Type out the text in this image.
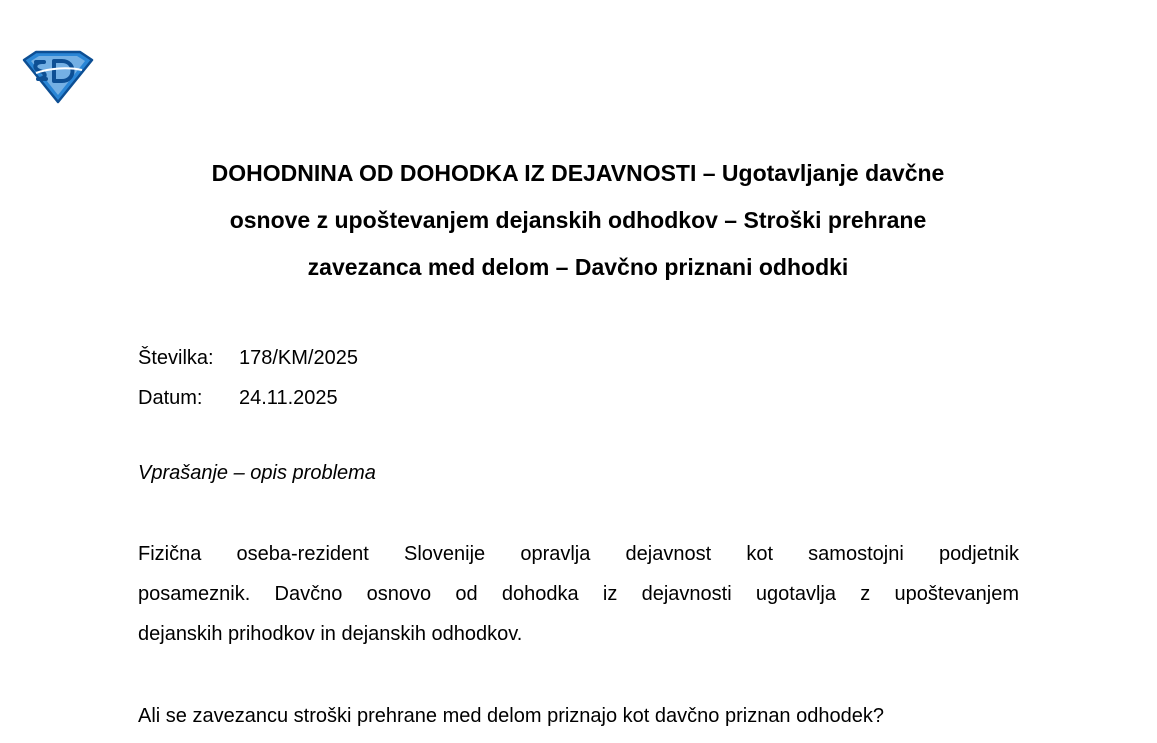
DOHODNINA OD DOHODKA IZ DEJAVNOSTI – Ugotavljanje davčne
osnove z upoštevanjem dejanskih odhodkov – Stroški prehrane
zavezanca med delom – Davčno priznani odhodki
Številka:	178/KM/2025
Datum:	24.11.2025
Vprašanje – opis problema
Fizična oseba-rezident Slovenije opravlja dejavnost kot samostojni podjetnik
posameznik. Davčno osnovo od dohodka iz dejavnosti ugotavlja z upoštevanjem
dejanskih prihodkov in dejanskih odhodkov.
Ali se zavezancu stroški prehrane med delom priznajo kot davčno priznan odhodek?
